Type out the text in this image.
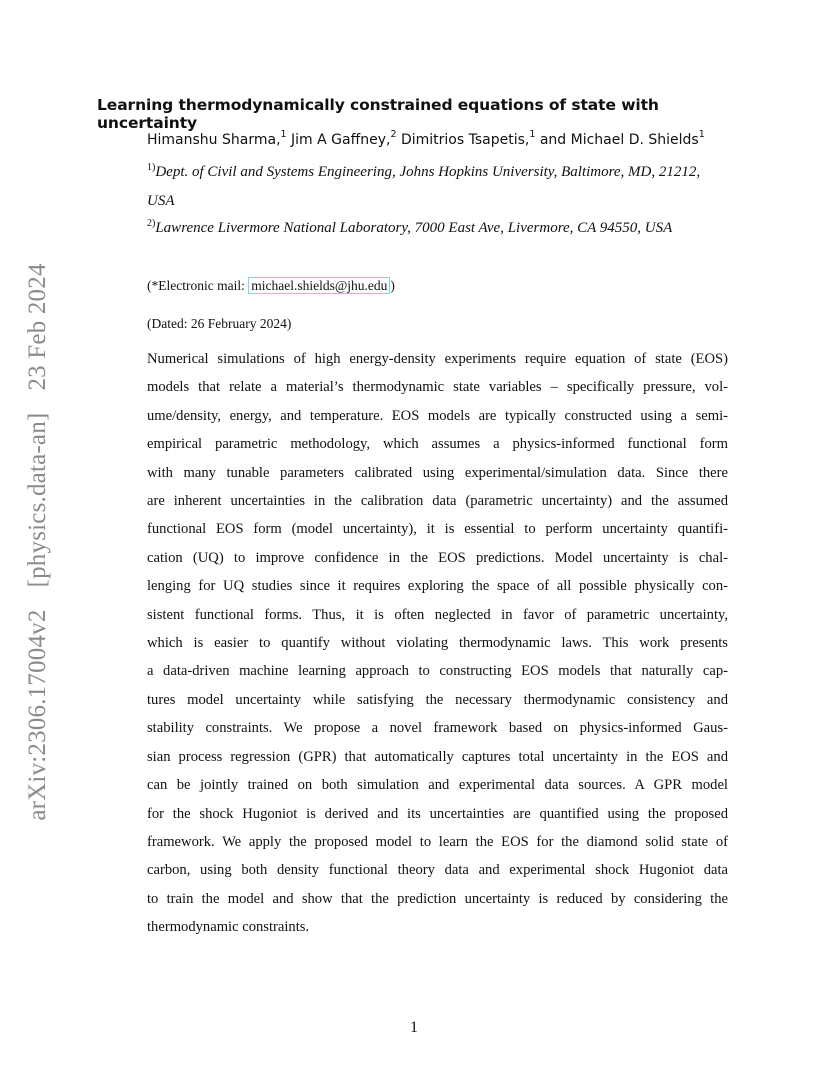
arXiv:2306.17004v2[physics.data-an]23 Feb 2024
Learning thermodynamically constrained equations of state with uncertainty
Himanshu Sharma,$^1$ Jim A Gaffney,$^2$ Dimitrios Tsapetis,$^1$ and Michael D. Shields$^1$
$^{1)}$Dept. of Civil and Systems Engineering, Johns Hopkins University, Baltimore, MD, 21212, USA
$^{2)}$Lawrence Livermore National Laboratory, 7000 East Ave, Livermore, CA 94550, USA
(*Electronic mail: michael.shields@jhu.edu )
(Dated: 26 February 2024)
Numerical simulations of high energy-density experiments require equation of state (EOS)
models that relate a material’s thermodynamic state variables – specifically pressure, vol-
ume/density, energy, and temperature. EOS models are typically constructed using a semi-
empirical parametric methodology, which assumes a physics-informed functional form
with many tunable parameters calibrated using experimental/simulation data. Since there
are inherent uncertainties in the calibration data (parametric uncertainty) and the assumed
functional EOS form (model uncertainty), it is essential to perform uncertainty quantifi-
cation (UQ) to improve confidence in the EOS predictions. Model uncertainty is chal-
lenging for UQ studies since it requires exploring the space of all possible physically con-
sistent functional forms. Thus, it is often neglected in favor of parametric uncertainty,
which is easier to quantify without violating thermodynamic laws. This work presents
a data-driven machine learning approach to constructing EOS models that naturally cap-
tures model uncertainty while satisfying the necessary thermodynamic consistency and
stability constraints. We propose a novel framework based on physics-informed Gaus-
sian process regression (GPR) that automatically captures total uncertainty in the EOS and
can be jointly trained on both simulation and experimental data sources. A GPR model
for the shock Hugoniot is derived and its uncertainties are quantified using the proposed
framework. We apply the proposed model to learn the EOS for the diamond solid state of
carbon, using both density functional theory data and experimental shock Hugoniot data
to train the model and show that the prediction uncertainty is reduced by considering the
thermodynamic constraints.
1
